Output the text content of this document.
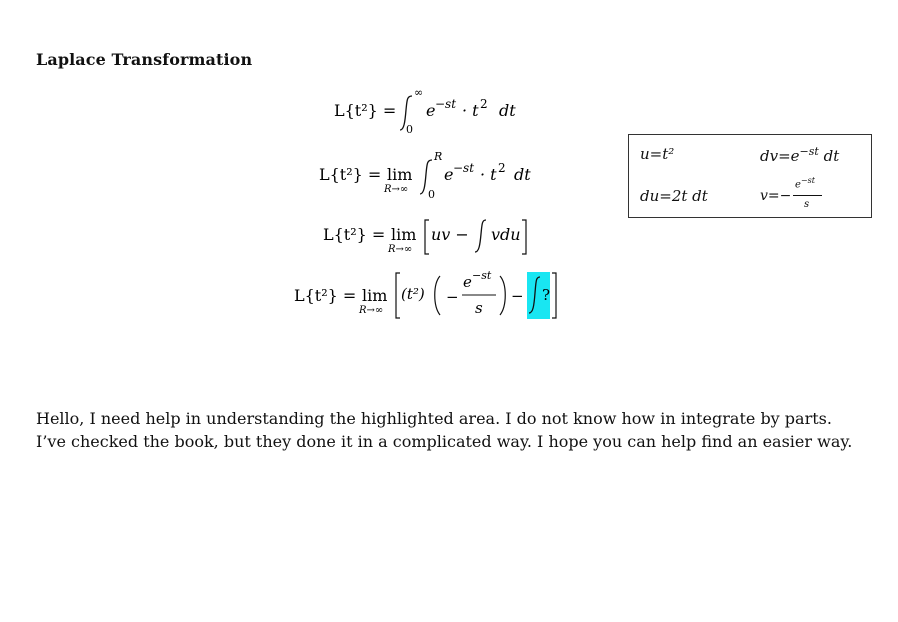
Laplace Transformation
L{t²} =
∞
0
e −st · t 2 dt
L{t²} = lim
R→∞
R
0
e −st · t 2 dt
L{t²} = lim
R→∞
uv − vdu
L{t²} = lim
R→∞
(t²) −
e −st
s
− ?
u=t²	$dv=e^{-st}$ dt
du=2t dt	v=−
$e^{-st}$
s

Hello, I need help in understanding the highlighted area. I do not know how in integrate by parts.

I’ve checked the book, but they done it in a complicated way. I hope you can help find an easier way.
